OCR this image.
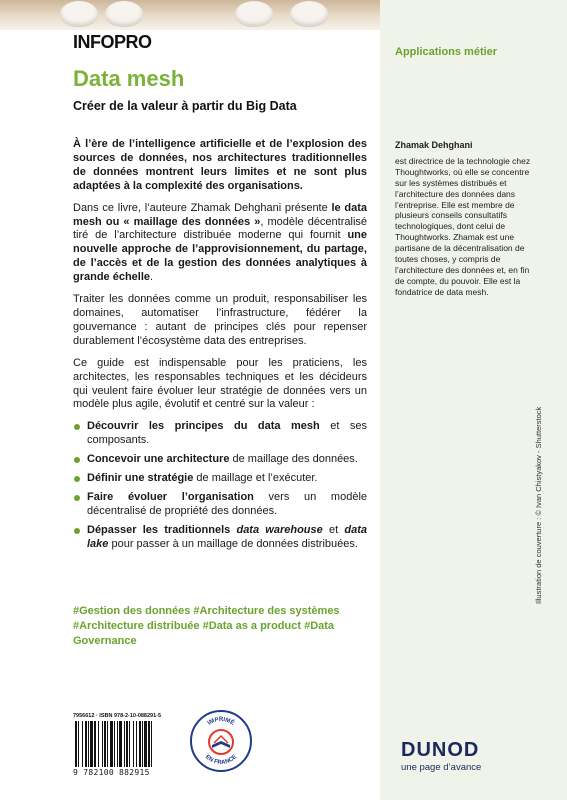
INFOPRO
Data mesh
Créer de la valeur à partir du Big Data
Applications métier

À l’ère de l’intelligence artificielle et de l’explosion des sources de données, nos architectures traditionnelles de données montrent leurs limites et ne sont plus adaptées à la complexité des organisations.

Dans ce livre, l’auteure Zhamak Dehghani présente le data mesh ou « maillage des données », modèle décentralisé tiré de l’architecture distribuée moderne qui fournit une nouvelle approche de l’approvisionnement, du partage, de l’accès et de la gestion des données analytiques à grande échelle.

Traiter les données comme un produit, responsabiliser les domaines, automatiser l’infrastructure, fédérer la gouvernance : autant de principes clés pour repenser durablement l’écosystème data des entreprises.

Ce guide est indispensable pour les praticiens, les architectes, les responsables techniques et les décideurs qui veulent faire évoluer leur stratégie de données vers un modèle plus agile, évolutif et centré sur la valeur :

Découvrir les principes du data mesh et ses composants.
Concevoir une architecture de maillage des données.
Définir une stratégie de maillage et l’exécuter.
Faire évoluer l’organisation vers un modèle décentralisé de propriété des données.
Dépasser les traditionnels data warehouse et data lake pour passer à un maillage de données distribuées.
#Gestion des données #Architecture des systèmes #Architecture distribuée #Data as a product #Data Governance
Zhamak Dehghani
est directrice de la technologie chez Thoughtworks, où elle se concentre sur les systèmes distribués et l’architecture des données dans l’entreprise. Elle est membre de plusieurs conseils consultatifs technologiques, dont celui de Thoughtworks. Zhamak est une partisane de la décentralisation de toutes choses, y compris de l’architecture des données et, en fin de compte, du pouvoir. Elle est la fondatrice de data mesh.
Illustration de couverture : © Ivan Chistyakov - Shutterstock
7956612 · ISBN 978-2-10-088291-5
9 782100 882915
IMPRIMÉ
EN FRANCE	DUNOD
une page d’avance
